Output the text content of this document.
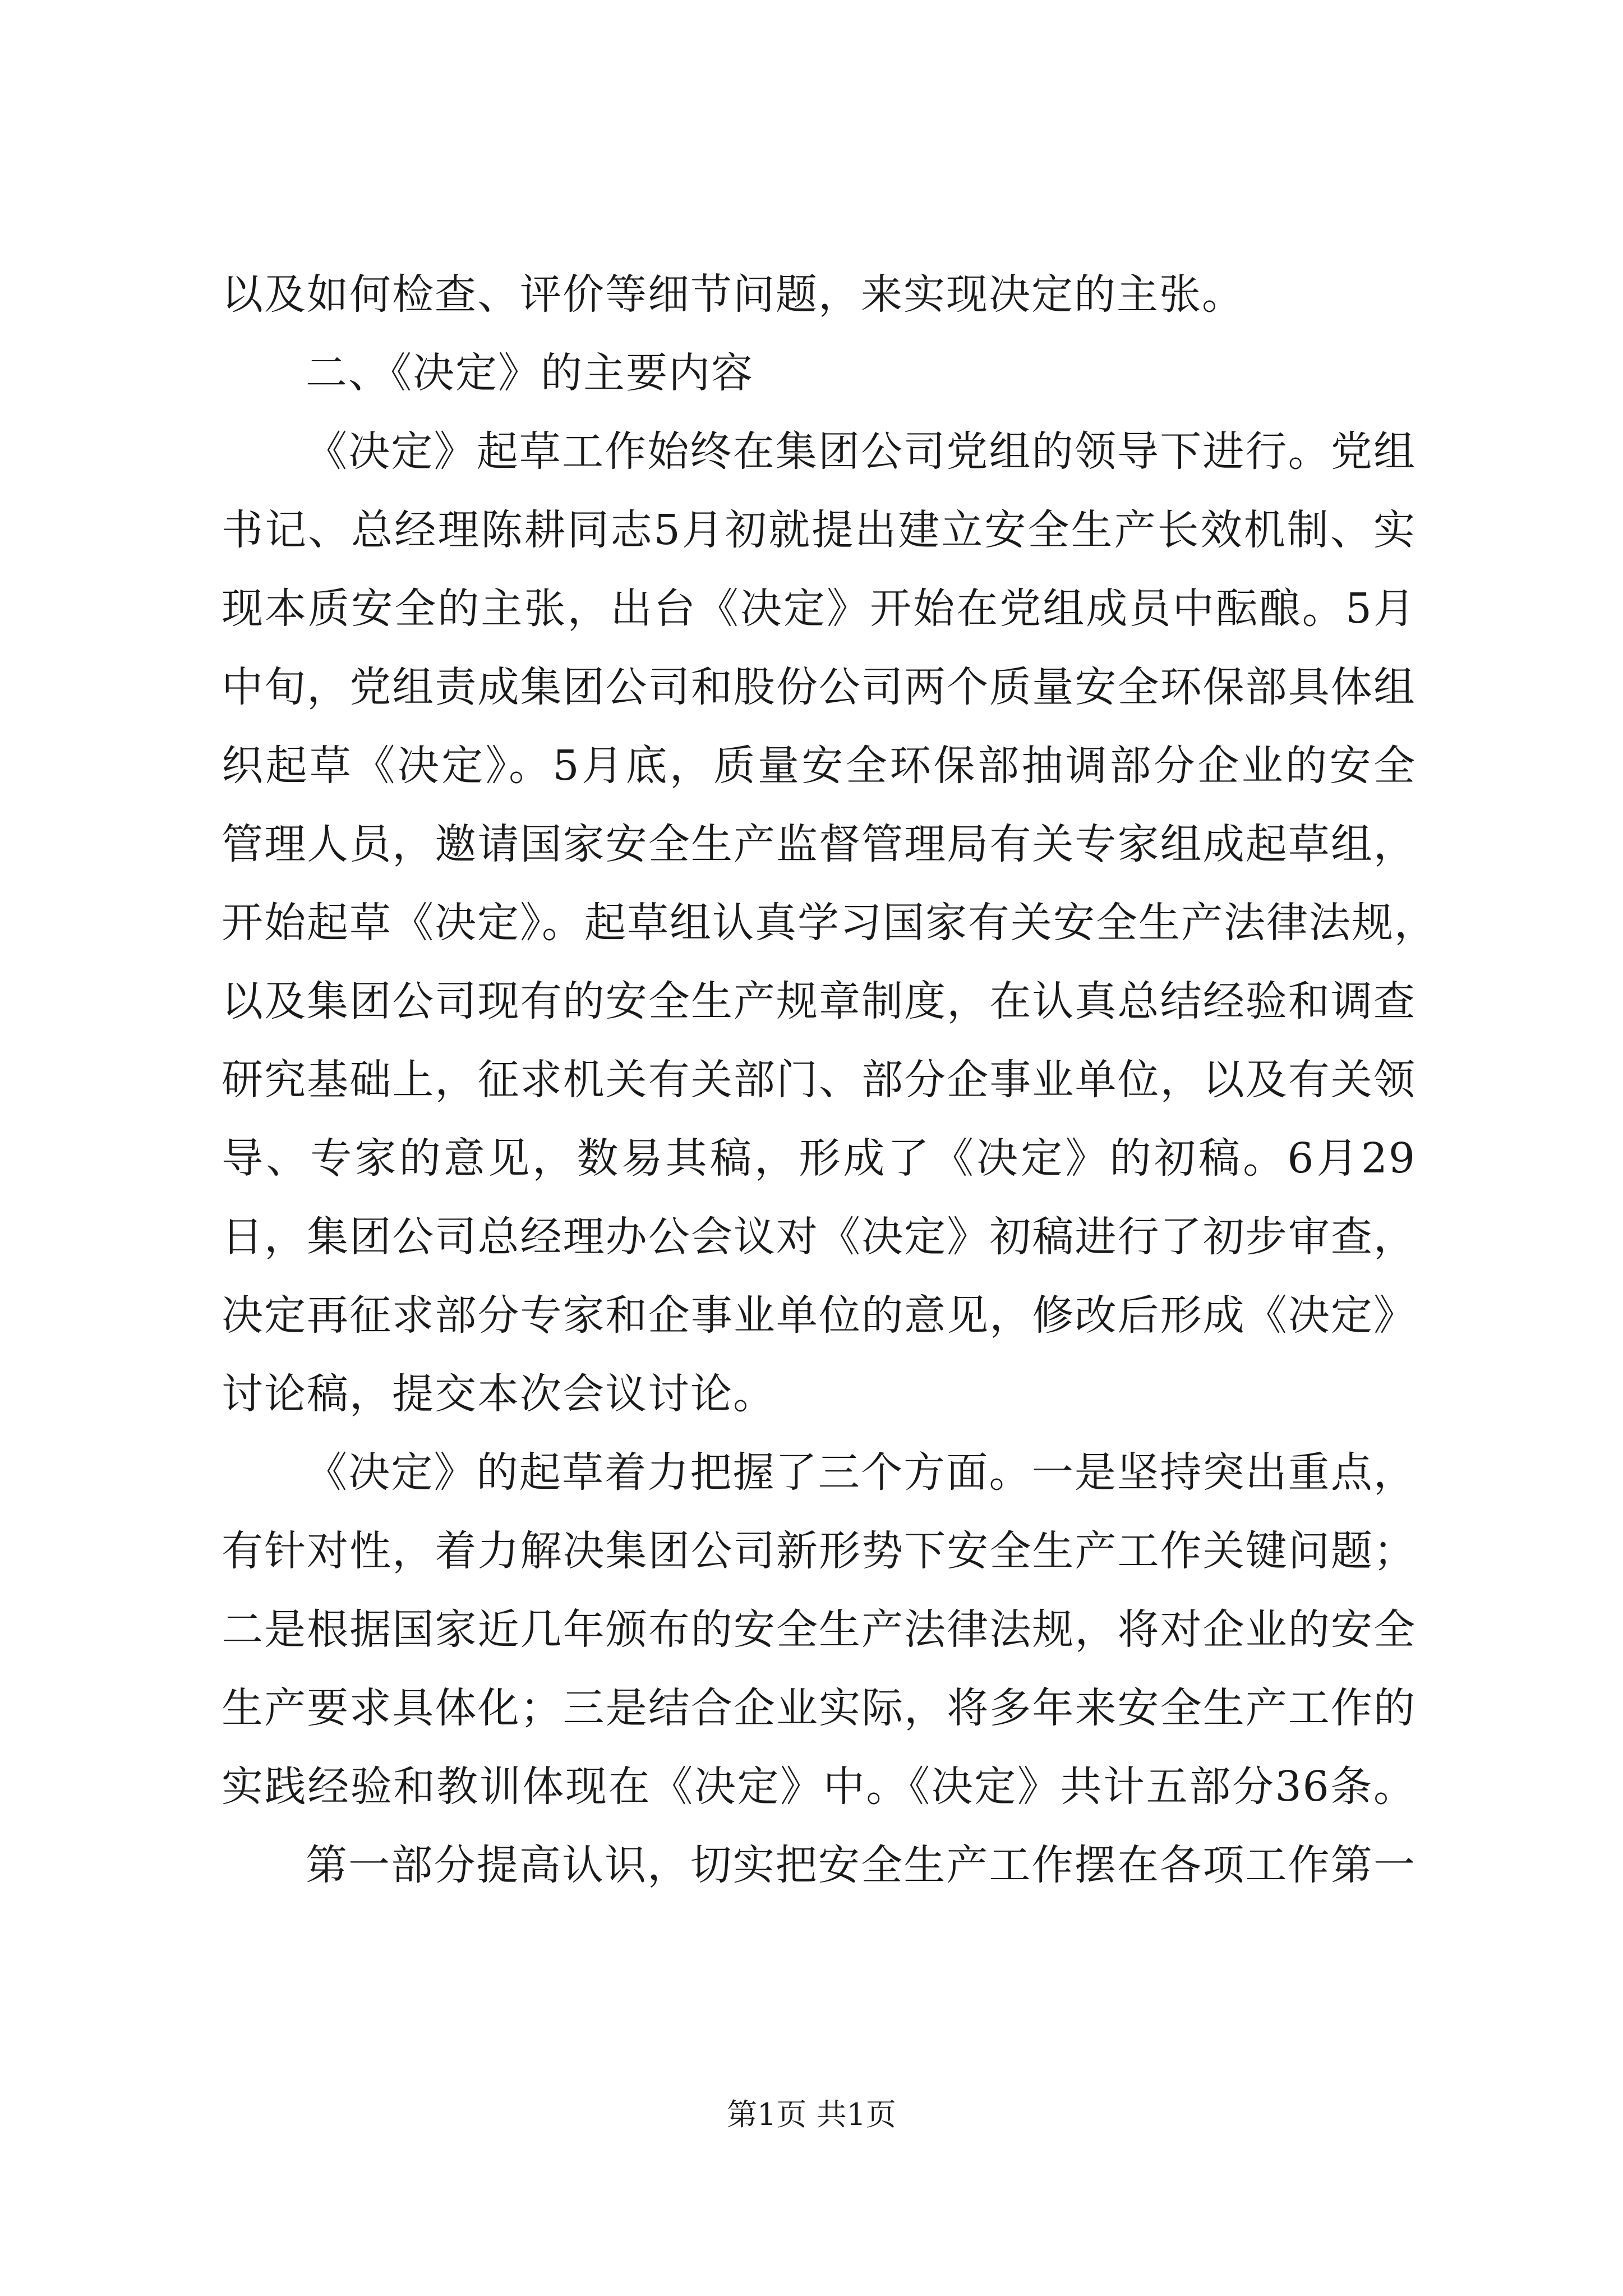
以及如何检查、评价等细节问题，来实现决定的主张。
二、《决定》的主要内容
《决定》起草工作始终在集团公司党组的领导下进行。党组
书记、总经理陈耕同志5月初就提出建立安全生产长效机制、实
现本质安全的主张，出台《决定》开始在党组成员中酝酿。5月
中旬，党组责成集团公司和股份公司两个质量安全环保部具体组
织起草《决定》。5月底，质量安全环保部抽调部分企业的安全
管理人员，邀请国家安全生产监督管理局有关专家组成起草组，
开始起草《决定》。起草组认真学习国家有关安全生产法律法规，
以及集团公司现有的安全生产规章制度，在认真总结经验和调查
研究基础上，征求机关有关部门、部分企事业单位，以及有关领
导、专家的意见，数易其稿，形成了《决定》的初稿。6月29
日，集团公司总经理办公会议对《决定》初稿进行了初步审查，
决定再征求部分专家和企事业单位的意见，修改后形成《决定》
讨论稿，提交本次会议讨论。
《决定》的起草着力把握了三个方面。一是坚持突出重点，
有针对性，着力解决集团公司新形势下安全生产工作关键问题；
二是根据国家近几年颁布的安全生产法律法规，将对企业的安全
生产要求具体化；三是结合企业实际，将多年来安全生产工作的
实践经验和教训体现在《决定》中。《决定》共计五部分36条。
第一部分提高认识，切实把安全生产工作摆在各项工作第一
第1页 共1页
